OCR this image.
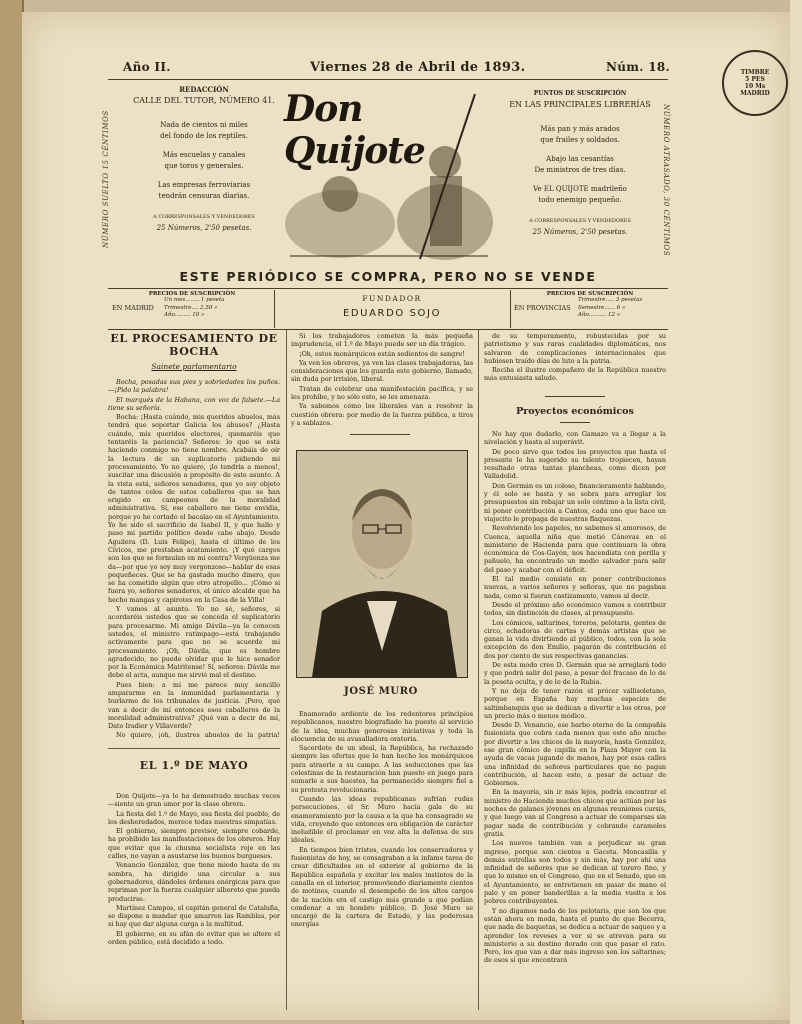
Año II.	Viernes 28 de Abril de 1893.	Núm. 18.	TIMBRE
5 PES
10 Ms
MADRID
NÚMERO SUELTO 15 CÉNTIMOS	NÚMERO ATRASADO, 30 CÉNTIMOS
REDACCIÓN
CALLE DEL TUTOR, NÚMERO 41.
Nada de cientos ni miles
del fondo de los reptiles.
Más escuelas y canales
que toros y generales.
Las empresas ferroviarias
tendrán censuras diarias.
A CORRESPONSALES Y VENDEDORES
25 Números, 2'50 pesetas.
Don Quijote
PUNTOS DE SUSCRIPCIÓN
EN LAS PRINCIPALES LIBRERÍAS
Más pan y más arados
que frailes y soldados.
Abajo las cesantías
De ministros de tres días.
Ve EL QUIJOTE madrileño
todo enemigo pequeño.
A CORRESPONSALES Y VENDEDORES
25 Números, 2'50 pesetas.
ESTE PERIÓDICO SE COMPRA, PERO NO SE VENDE
PRECIOS DE SUSCRIPCIÓN
EN MADRID
Un mes........ 1 peseta
Trimestre.... 2,50 »
Año......... 10 »
FUNDADOR
EDUARDO SOJO
PRECIOS DE SUSCRIPCIÓN
EN PROVINCIAS
Trimestre..... 3 pesetas
Semestre...... 6 »
Año.......... 12 »
EL PROCESAMIENTO DE BOCHA
Sainete parlamentario

Bocha, posadas sus pies y sobriedades los puños.—¡Pido la palabra!

El marqués de la Habana, con voz de falsete.—La tiene su señoría.

Bocha: ¡Hasta cuándo, mis queridos abuelos, más tendrá que soportar Galicia los abusos? ¿Hasta cuándo, mis queridos electores, quemaréis que tentaréis la paciencia? Señores: lo que se está haciendo conmigo no tiene nombre. Acabáis de oír la lectura de un suplicatorio pidiendo mi procesamiento. Yo no quiero, ¡lo tendría a menos!, suscitar una discusión a propósito de este asunto. A la vista está, señores senadores, que yo soy objeto de tantos celos de estos caballeros que se han erigido en campeones de la moralidad administrativa. Sí, ese caballero me tiene envidia, porque yo he cortado el bacalao en el Ayuntamiento. Yo he sido el sacrificio de Isabel II, y que hallo y paso mi partido político desde cabo abajo. Desde Aguilera (D. Luis Felipe), hasta el último de los Cívicos, me prestaban acatamiento. ¡Y qué cargos son los que se formulan en mi contra? Vergüenza me da—por que yo soy muy vergonzoso—hablar de esas pequeñeces. Que se ha gastado mucho dinero, que se ha cometido algún que otro atropello... ¡Cómo si fuera yo, señores senadores, el único alcalde que ha hecho mangas y capirotes en la Casa de la Villa!

Y vamos al asunto. Yo no sé, señores, si acordaréis ustedes que se conceda el suplicatorio para procesarme. Mi amigo Dávila—ya le conocen ustedes, el ministro ratimpago—está trabajando activamente para que no se acuerde mi procesamiento. ¡Oh, Dávila, que es hombre agradecido, no puede olvidar que le hice senador por la Económica Matritense! Sí, señores: Dávila me debe el acta, aunque me sirvió mal el destino.

Pues bien: a mí me parece muy sencillo ampararme en la inmunidad parlamentaria y burlarme de los tribunales de justicia. ¡Pero, qué van a decir de mí entonces esos caballeros de la moralidad administrativa? ¡Qué van a decir de mí, Dato Iradier y Villaverde?

No quiero, ¡oh, ilustres abuelos de la patria!

EL 1.º DE MAYO

Don Quijote—ya lo ha demostrado muchas veces—siente un gran amor por la clase obrera.

La fiesta del 1.º de Mayo, esa fiesta del pueblo, de los desheredados, merece todas nuestras simpatías.

El gobierno, siempre previsor, siempre cobarde, ha prohibido las manifestaciones de los obreros. Hay que evitar que la chusma socialista roje en las calles, no vayan a asustarse los buenos burgueses.

Venancio González, que tiene miedo hasta de su sombra, ha dirigido una circular a sus gobernadores, dándoles órdenes enérgicas para que repriman por la fuerza cualquier alboroto que pueda producirse.

Martínez Campos, el capitán general de Cataluña, se dispone a mandar que amarren las Ramblas, por si hay que dar alguna carga a la multitud.

El gobierno, en su afán de evitar que se altere el orden público, está decidido a todo.

Si los trabajadores cometen la más pequeña imprudencia, el 1.º de Mayo puede ser un día trágico.

¡Oh, estos monárquicos están sedientos de sangre!

Ya ven los obreros, ya ven las clases trabajadoras, las consideraciones que les guarda este gobierno, llamado, sin duda por irrisión, liberal.

Tratan de celebrar una manifestación pacífica, y se les prohíbe, y no sólo esto, se les amenaza.

Ya sabemos cómo los liberales van a resolver la cuestión obrera: por medio de la fuerza pública, a tiros y a sablazos.

Lapuerta Ant.
JOSÉ MURO

Enamorado ardiente de los redentores principios republicanos, nuestro biografiado ha puesto al servicio de la idea, muchas generosas iniciativas y toda la elocuencia de su avasalladora oratoria.

Sacerdote de un ideal, la República, ha rechazado siempre las ofertas que le han hecho los monárquicos para atraerle a su campo. A las seducciones que las celestinas de la restauración han puesto en juego para sumarle a sus huestes, ha permanecido siempre fiel a su protesta revolucionaria.

Cuando las ideas republicanas sufrían rudas persecuciones, el Sr. Muro hacía gala de su enamoramiento por la causa a la que ha consagrado su vida, creyendo que entonces era obligación de carácter ineludible el proclamar en voz alta la defensa de sus ideales.

En tiempos bien tristes, cuando los conservadores y fusionistas de hoy, se consagraban a la infame tarea de crear dificultades en el exterior al gobierno de la República española y excitar los malos instintos de la canalla en el interior, promoviendo diariamente cientos de motines, cuando el desempeño de los altos cargos de la nación era el castigo más grande a que podían condenar a un hombre público, D. José Muro se encargó de la cartera de Estado, y las poderosas energías

de su temperamento, robustecidas por su patriotismo y sus raras cualidades diplomáticas, nos salvaron de complicaciones internacionales que hubiesen traído días de luto a la patria.

Reciba el ilustre compañero de la República nuestro más entusiasta saludo.

Proyectos económicos

No hay que dudarlo, con Gamazo va a llegar a la nivelación y hasta al superávit.

De poco sirve que todos los proyectos que hasta el presente le ha sugerido su talento tropiecen, hayan resultado otras tantas plancheas, como dicen por Valladolid.

Don Germán es un coloso, financieramente hablando, y él solo se basta y se sobra para arreglar los presupuestos sin rebajar un solo céntimo a la lista civil, ni poner contribución a Cantos, cada uno que hace un viajecito le propaga de nuestras flaquezas.

Revolviendo los papeles, no sabemos si amorosos, de Cuenca, aquella niña que metió Cánovas en el ministerio de Hacienda para que continuara la obra económica de Cos-Gayón, nos hacendista con perilla y pañuelo, ha encontrado un medio salvador para salir del paso y acabar con el déficit.

El tal medio consiste en poner contribuciones nuevas, a varios señores y señoras, que no pagaban nada, como si fueran castizamente, vamos al decir.

Desde el próximo año económico vamos a contribuir todos, sin distinción de clases, al presupuesto.

Los cómicos, saltarines, toreros, pelotaris, gentes de circo, echadoras de cartas y demás artistas que se ganan la vida divirtiendo al público, todos, con la sola excepción de don Emilio, pagarán de contribución el dos por ciento de sus respectivas ganancias.

De esta modo cree D. Germán que se arreglará todo y que podrá salir del paso, a pesar del fracaso de lo de la peseta oculta, y de lo de la Rubia.

Y no deja de tener razón el prócer vallisoletano, porque en España hay muchas especies de saltimbanquis que se dedican a divertir a los otros, por un precio más o menos módico.

Desde D. Venancio, ese barbo eterno de la compañía fusionista que cobra cada menos que este año mucho por divertir a los chicos de la mayoría, hasta González, ese gran cómico de capilla en la Plaza Mayor con la ayuda de vacas jugando de manos, hay por esas calles una infinidad de señores particulares que no pagan contribución, al hacen esto, a pesar de actuar de Gobiernos.

En la mayoría, sin ir más lejos, podría encontrar el ministro de Hacienda muchos chicos que actúan por las noches de galanes jóvenes en algunas reuniones cursis, y que luego van al Congreso a actuar de comparsas sin pagar nada de contribución y cobrando carameles gratis.

Los nuevos también van a perjudicar su gran ingreso, porque son cientos a Gaceta. Moncasilla y demás estrellas son todos y sin más, hay por ahí una infinidad de señores que se dedican al torero fino, y que lo mismo en el Congreso, que en el Senado, que en el Ayuntamiento, se entretienen en pasar de mano el palo y en poner banderillas a la media vuelta a los pobres contribuyentes.

Y no digamos nada de los pelotaris, que son los que están ahora en moda, hasta el punto de que Becerra, que nada de baquetas, se dedica a actuar de saqueo y a aprender los reveses a ver si se atrevan para su ministerio a su destino dorado con que pasar el rato. Pero, los que van a dar más ingreso son los saltarines; de esos sí que encontrará
